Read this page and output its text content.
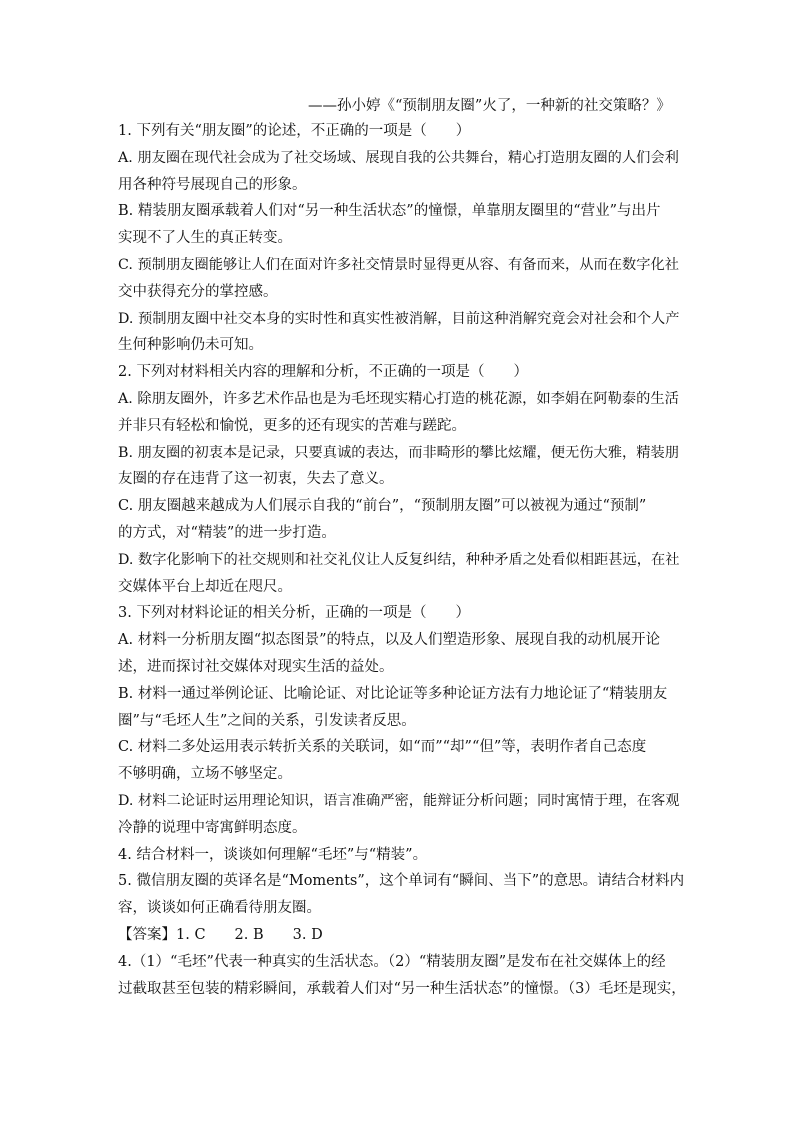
——孙小婷《“预制朋友圈”火了，一种新的社交策略？》
1. 下列有关“朋友圈”的论述，不正确的一项是（　　）
A. 朋友圈在现代社会成为了社交场域、展现自我的公共舞台，精心打造朋友圈的人们会利
用各种符号展现自己的形象。
B. 精装朋友圈承载着人们对“另一种生活状态”的憧憬，单靠朋友圈里的“营业”与出片
实现不了人生的真正转变。
C. 预制朋友圈能够让人们在面对许多社交情景时显得更从容、有备而来，从而在数字化社
交中获得充分的掌控感。
D. 预制朋友圈中社交本身的实时性和真实性被消解，目前这种消解究竟会对社会和个人产
生何种影响仍未可知。
2. 下列对材料相关内容的理解和分析，不正确的一项是（　　）
A. 除朋友圈外，许多艺术作品也是为毛坯现实精心打造的桃花源，如李娟在阿勒泰的生活
并非只有轻松和愉悦，更多的还有现实的苦难与蹉跎。
B. 朋友圈的初衷本是记录，只要真诚的表达，而非畸形的攀比炫耀，便无伤大雅，精装朋
友圈的存在违背了这一初衷，失去了意义。
C. 朋友圈越来越成为人们展示自我的“前台”，“预制朋友圈”可以被视为通过“预制”
的方式，对“精装”的进一步打造。
D. 数字化影响下的社交规则和社交礼仪让人反复纠结，种种矛盾之处看似相距甚远，在社
交媒体平台上却近在咫尺。
3. 下列对材料论证的相关分析，正确的一项是（　　）
A. 材料一分析朋友圈“拟态图景”的特点，以及人们塑造形象、展现自我的动机展开论
述，进而探讨社交媒体对现实生活的益处。
B. 材料一通过举例论证、比喻论证、对比论证等多种论证方法有力地论证了“精装朋友
圈”与“毛坯人生”之间的关系，引发读者反思。
C. 材料二多处运用表示转折关系的关联词，如“而”“却”“但”等，表明作者自己态度
不够明确，立场不够坚定。
D. 材料二论证时运用理论知识，语言准确严密，能辩证分析问题；同时寓情于理，在客观
冷静的说理中寄寓鲜明态度。
4. 结合材料一，谈谈如何理解“毛坯”与“精装”。
5. 微信朋友圈的英译名是“Moments”，这个单词有“瞬间、当下”的意思。请结合材料内
容，谈谈如何正确看待朋友圈。
【答案】1. C　　2. B　　3. D
4.（1）“毛坯”代表一种真实的生活状态。（2）“精装朋友圈”是发布在社交媒体上的经
过截取甚至包装的精彩瞬间，承载着人们对“另一种生活状态”的憧憬。（3）毛坯是现实，
